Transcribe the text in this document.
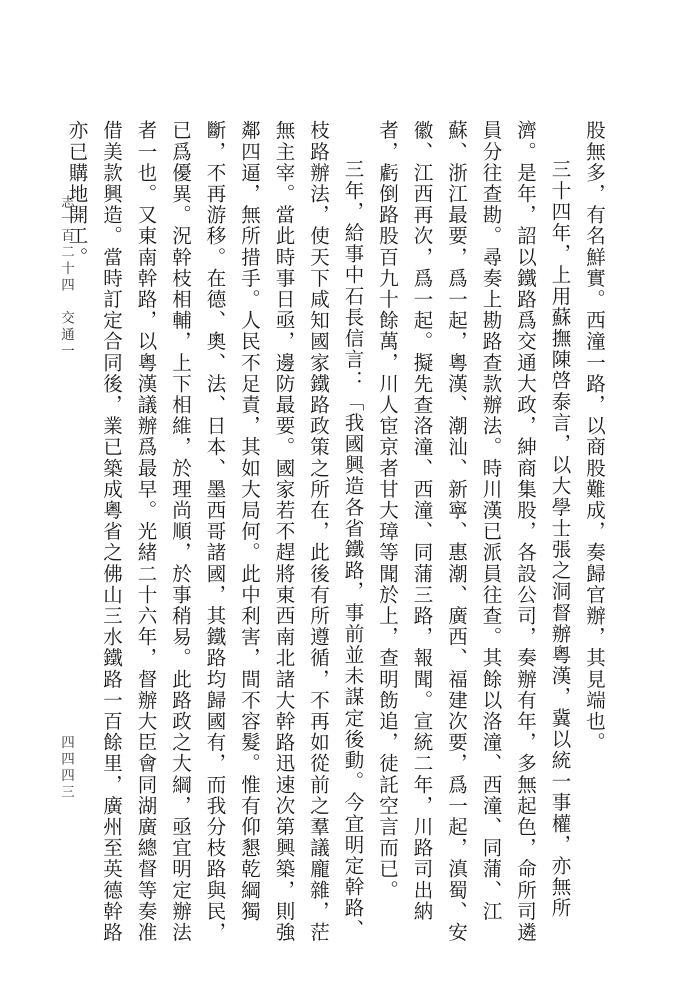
股無多，有名鮮實。西潼一路，以商股難成，奏歸官辦，其見端也。

三十四年，上用蘇撫陳啓泰言，以大學士張之洞督辦粵漢，冀以統一事權，亦無所濟。是年，詔以鐵路爲交通大政，紳商集股，各設公司，奏辦有年，多無起色，命所司遴員分往查勘。尋奏上勘路查款辦法。時川漢已派員往查。其餘以洛潼、西潼、同蒲、江蘇、浙江最要，爲一起，粵漢、潮汕、新寧、惠潮、廣西、福建次要，爲一起，滇蜀、安徽、江西再次，爲一起。擬先查洛潼、西潼、同蒲三路，報聞。宣統二年，川路司出納者，虧倒路股百九十餘萬，川人宦京者甘大璋等聞於上，查明飭追，徒託空言而已。

三年，給事中石長信言：「我國興造各省鐵路，事前並未謀定後動。今宜明定幹路、枝路辦法，使天下咸知國家鐵路政策之所在，此後有所遵循，不再如從前之羣議龐雜，茫無主宰。當此時事日亟，邊防最要。國家若不趕將東西南北諸大幹路迅速次第興築，則強鄰四逼，無所措手。人民不足責，其如大局何。此中利害，間不容髮。惟有仰懇乾綱獨斷，不再游移。在德、奧、法、日本、墨西哥諸國，其鐵路均歸國有，而我分枝路與民，已爲優異。況幹枝相輔，上下相維，於理尚順，於事稍易。此路政之大綱，亟宜明定辦法者一也。又東南幹路，以粵漢議辦爲最早。光緒二十六年，督辦大臣會同湖廣總督等奏准借美款興造。當時訂定合同後，業已築成粵省之佛山三水鐵路一百餘里，廣州至英德幹路亦已購地開工。

志一百二十四　交通一
四四四三
